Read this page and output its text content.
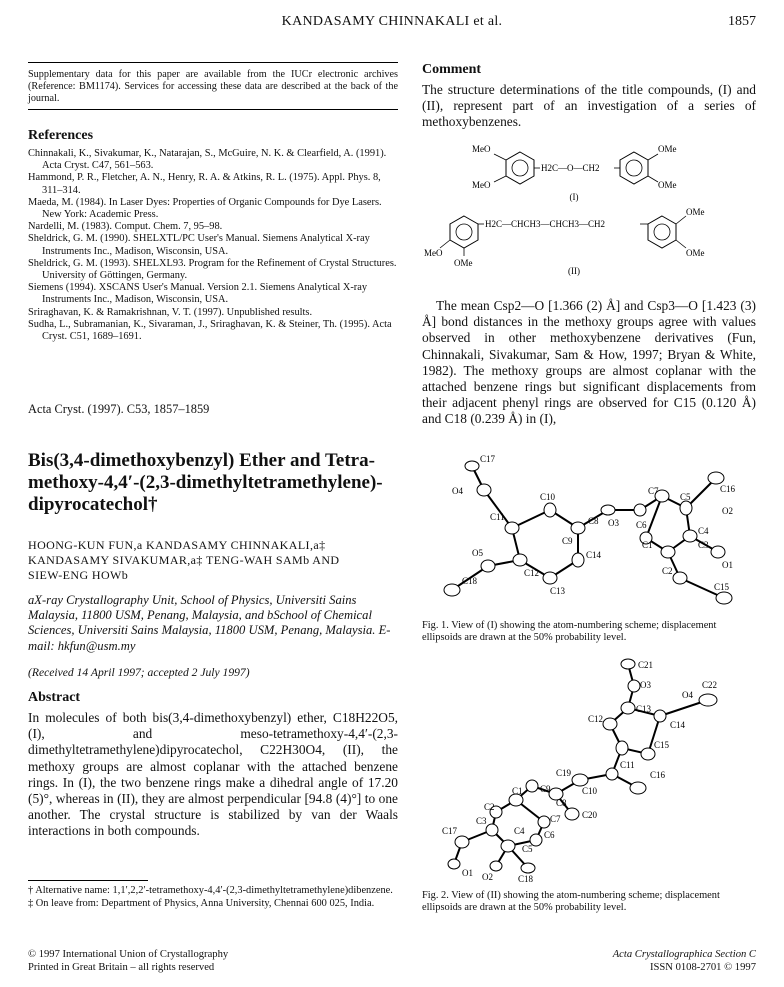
KANDASAMY CHINNAKALI et al.	1857
Supplementary data for this paper are available from the IUCr electronic archives (Reference: BM1174). Services for accessing these data are described at the back of the journal.
References

Chinnakali, K., Sivakumar, K., Natarajan, S., McGuire, N. K. & Clearfield, A. (1991). Acta Cryst. C47, 561–563.

Hammond, P. R., Fletcher, A. N., Henry, R. A. & Atkins, R. L. (1975). Appl. Phys. 8, 311–314.

Maeda, M. (1984). In Laser Dyes: Properties of Organic Compounds for Dye Lasers. New York: Academic Press.

Nardelli, M. (1983). Comput. Chem. 7, 95–98.

Sheldrick, G. M. (1990). SHELXTL/PC User's Manual. Siemens Analytical X-ray Instruments Inc., Madison, Wisconsin, USA.

Sheldrick, G. M. (1993). SHELXL93. Program for the Refinement of Crystal Structures. University of Göttingen, Germany.

Siemens (1994). XSCANS User's Manual. Version 2.1. Siemens Analytical X-ray Instruments Inc., Madison, Wisconsin, USA.

Sriraghavan, K. & Ramakrishnan, V. T. (1997). Unpublished results.

Sudha, L., Subramanian, K., Sivaraman, J., Sriraghavan, K. & Steiner, Th. (1995). Acta Cryst. C51, 1689–1691.

Acta Cryst. (1997). C53, 1857–1859
Bis(3,4-dimethoxybenzyl) Ether and Tetra-methoxy-4,4′-(2,3-dimethyltetramethylene)-dipyrocatechol†
HOONG-KUN FUN,a KANDASAMY CHINNAKALI,a‡
KANDASAMY SIVAKUMAR,a‡ TENG-WAH SAMb AND
SIEW-ENG HOWb
aX-ray Crystallography Unit, School of Physics, Universiti Sains Malaysia, 11800 USM, Penang, Malaysia, and bSchool of Chemical Sciences, Universiti Sains Malaysia, 11800 USM, Penang, Malaysia. E-mail: hkfun@usm.my
(Received 14 April 1997; accepted 2 July 1997)
Abstract
In molecules of both bis(3,4-dimethoxybenzyl) ether, C18H22O5, (I), and meso-tetramethoxy-4,4′-(2,3-dimethyltetramethylene)dipyrocatechol, C22H30O4, (II), the methoxy groups are almost coplanar with the attached benzene rings. In (I), the two benzene rings make a dihedral angle of 17.20 (5)°, whereas in (II), they are almost perpendicular [94.8 (4)°] to one another. The crystal structure is stabilized by van der Waals interactions in both compounds.
† Alternative name: 1,1′,2,2′-tetramethoxy-4,4′-(2,3-dimethyltetramethylene)dibenzene.
‡ On leave from: Department of Physics, Anna University, Chennai 600 025, India.
© 1997 International Union of Crystallography
Printed in Great Britain – all rights reserved
Acta Crystallographica Section C
ISSN 0108-2701 © 1997
Comment
The structure determinations of the title compounds, (I) and (II), represent part of an investigation of a series of methoxybenzenes.
MeO
MeO
H2C—O—CH2
OMe
OMe
(I)
MeO
OMe
H2C—CHCH3—CHCH3—CH2
OMe
OMe
(II)

The mean Csp2—O [1.366 (2) Å] and Csp3—O [1.423 (3) Å] bond distances in the methoxy groups agree with values observed in other methoxybenzene derivatives (Fun, Chinnakali, Sivakumar, Sam & How, 1997; Bryan & White, 1982). The methoxy groups are almost coplanar with the attached benzene rings but significant displacements from their adjacent phenyl rings are observed for C15 (0.120 Å) and C18 (0.239 Å) in (I),

C17
O4
C10
C11	C8 O3 C6
C7
C5
C16
O2
C4
C9
C14
C3
C1
O5
C12
O1
C2
C13
C18
C15
Fig. 1. View of (I) showing the atom-numbering scheme; displacement ellipsoids are drawn at the 50% probability level.
C21
O3
O4
C22
C13
C12
C14
C15
C11
C19
C10
C16
C9
C8
C20
C1
C7
C2
C6
C3
C4
C5
C17
O1 O2	C18
Fig. 2. View of (II) showing the atom-numbering scheme; displacement ellipsoids are drawn at the 50% probability level.
